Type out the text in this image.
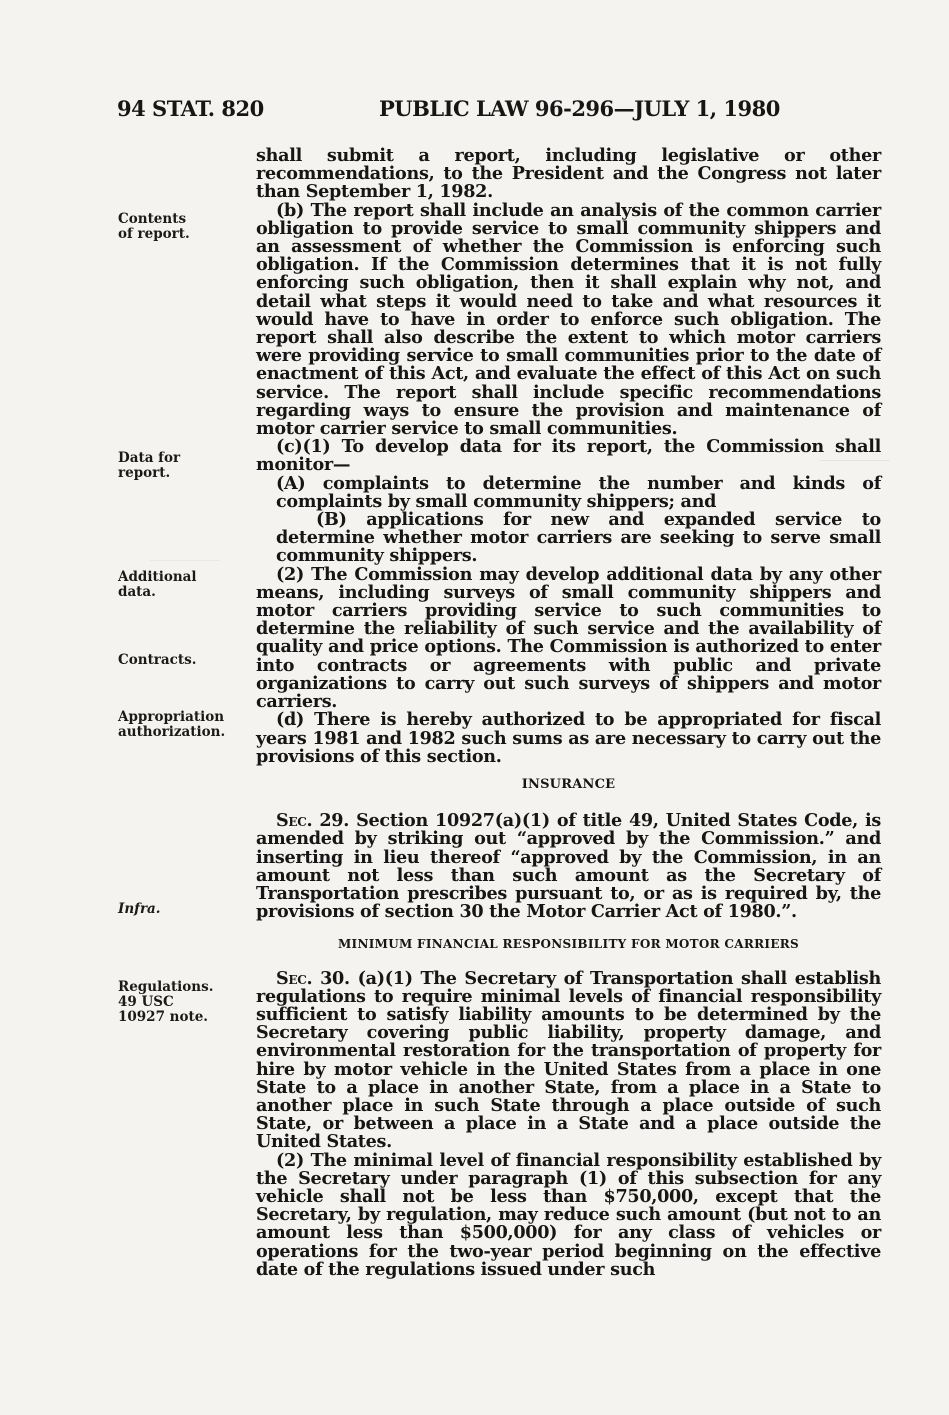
94 STAT. 820	PUBLIC LAW 96-296—JULY 1, 1980
Contents of report.
Data for report.
Additional data.
Contracts.
Appropriation authorization.
Infra.
Regulations. 49 USC 10927 note.

shall submit a report, including legislative or other recommendations, to the President and the Congress not later than September 1, 1982.

(b) The report shall include an analysis of the common carrier obligation to provide service to small community shippers and an assessment of whether the Commission is enforcing such obligation. If the Commission determines that it is not fully enforcing such obligation, then it shall explain why not, and detail what steps it would need to take and what resources it would have to have in order to enforce such obligation. The report shall also describe the extent to which motor carriers were providing service to small communities prior to the date of enactment of this Act, and evaluate the effect of this Act on such service. The report shall include specific recommendations regarding ways to ensure the provision and maintenance of motor carrier service to small communities.

(c)(1) To develop data for its report, the Commission shall monitor—

(A) complaints to determine the number and kinds of complaints by small community shippers; and

(B) applications for new and expanded service to determine whether motor carriers are seeking to serve small community shippers.

(2) The Commission may develop additional data by any other means, including surveys of small community shippers and motor carriers providing service to such communities to determine the reliability of such service and the availability of quality and price options. The Commission is authorized to enter into contracts or agreements with public and private organizations to carry out such surveys of shippers and motor carriers.

(d) There is hereby authorized to be appropriated for fiscal years 1981 and 1982 such sums as are necessary to carry out the provisions of this section.

INSURANCE

Sec. 29. Section 10927(a)(1) of title 49, United States Code, is amended by striking out “approved by the Commission.” and inserting in lieu thereof “approved by the Commission, in an amount not less than such amount as the Secretary of Transportation prescribes pursuant to, or as is required by, the provisions of section 30 the Motor Carrier Act of 1980.”.

MINIMUM FINANCIAL RESPONSIBILITY FOR MOTOR CARRIERS

Sec. 30. (a)(1) The Secretary of Transportation shall establish regulations to require minimal levels of financial responsibility sufficient to satisfy liability amounts to be determined by the Secretary covering public liability, property damage, and environmental restoration for the transportation of property for hire by motor vehicle in the United States from a place in one State to a place in another State, from a place in a State to another place in such State through a place outside of such State, or between a place in a State and a place outside the United States.

(2) The minimal level of financial responsibility established by the Secretary under paragraph (1) of this subsection for any vehicle shall not be less than $750,000, except that the Secretary, by regulation, may reduce such amount (but not to an amount less than $500,000) for any class of vehicles or operations for the two-year period beginning on the effective date of the regulations issued under such
